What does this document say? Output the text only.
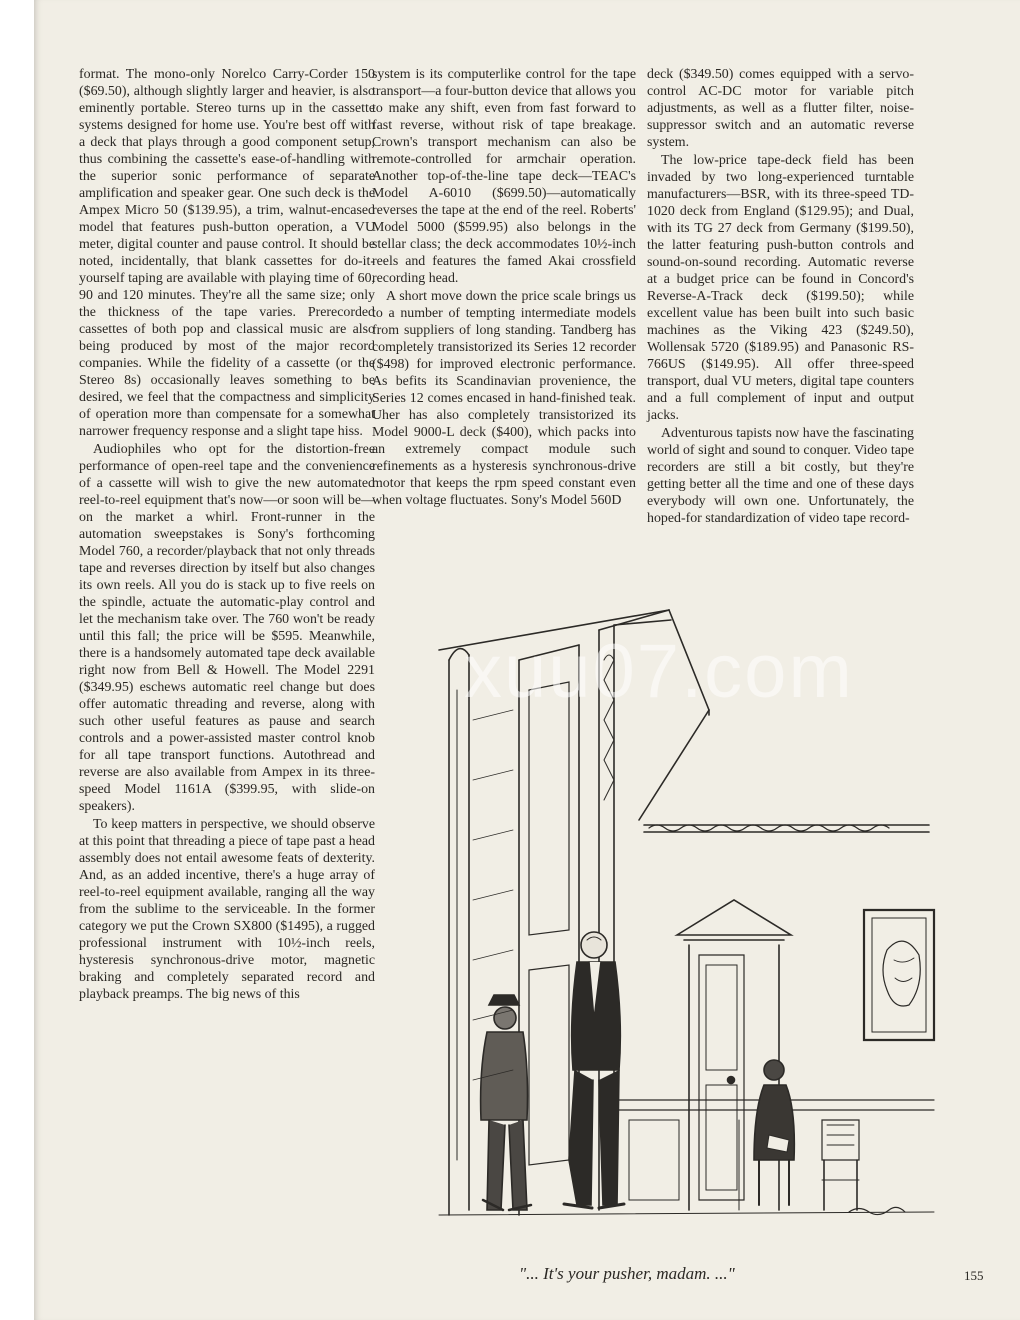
format. The mono-only Norelco Carry-Corder 150 ($69.50), although slightly larger and heavier, is also eminently portable. Stereo turns up in the cassette systems designed for home use. You're best off with a deck that plays through a good component setup, thus combining the cassette's ease-of-handling with the superior sonic performance of separate amplification and speaker gear. One such deck is the Ampex Micro 50 ($139.95), a trim, walnut-encased model that features push-button operation, a VU meter, digital counter and pause control. It should be noted, incidentally, that blank cassettes for do-it-yourself taping are available with playing time of 60, 90 and 120 minutes. They're all the same size; only the thickness of the tape varies. Prerecorded cassettes of both pop and classical music are also being produced by most of the major record companies. While the fidelity of a cassette (or the Stereo 8s) occasionally leaves something to be desired, we feel that the compactness and simplicity of operation more than compensate for a somewhat narrower frequency response and a slight tape hiss.

Audiophiles who opt for the distortion-free performance of open-reel tape and the convenience of a cassette will wish to give the new automated reel-to-reel equipment that's now—or soon will be—on the market a whirl. Front-runner in the automation sweepstakes is Sony's forthcoming Model 760, a recorder/playback that not only threads tape and reverses direction by itself but also changes its own reels. All you do is stack up to five reels on the spindle, actuate the automatic-play control and let the mechanism take over. The 760 won't be ready until this fall; the price will be $595. Meanwhile, there is a handsomely automated tape deck available right now from Bell & Howell. The Model 2291 ($349.95) eschews automatic reel change but does offer automatic threading and reverse, along with such other useful features as pause and search controls and a power-assisted master control knob for all tape transport functions. Autothread and reverse are also available from Ampex in its three-speed Model 1161A ($399.95, with slide-on speakers).

To keep matters in perspective, we should observe at this point that threading a piece of tape past a head assembly does not entail awesome feats of dexterity. And, as an added incentive, there's a huge array of reel-to-reel equipment available, ranging all the way from the sublime to the serviceable. In the former category we put the Crown SX800 ($1495), a rugged professional instrument with 10½-inch reels, hysteresis synchronous-drive motor, magnetic braking and completely separated record and playback preamps. The big news of this

system is its computerlike control for the tape transport—a four-button device that allows you to make any shift, even from fast forward to fast reverse, without risk of tape breakage. Crown's transport mechanism can also be remote-controlled for armchair operation. Another top-of-the-line tape deck—TEAC's Model A-6010 ($699.50)—automatically reverses the tape at the end of the reel. Roberts' Model 5000 ($599.95) also belongs in the stellar class; the deck accommodates 10½-inch reels and features the famed Akai crossfield recording head.

A short move down the price scale brings us to a number of tempting intermediate models from suppliers of long standing. Tandberg has completely transistorized its Series 12 recorder ($498) for improved electronic performance. As befits its Scandinavian provenience, the Series 12 comes encased in hand-finished teak. Uher has also completely transistorized its Model 9000-L deck ($400), which packs into an extremely compact module such refinements as a hysteresis synchronous-drive motor that keeps the rpm speed constant even when voltage fluctuates. Sony's Model 560D

deck ($349.50) comes equipped with a servo-control AC-DC motor for variable pitch adjustments, as well as a flutter filter, noise-suppressor switch and an automatic reverse system.

The low-price tape-deck field has been invaded by two long-experienced turntable manufacturers—BSR, with its three-speed TD-1020 deck from England ($129.95); and Dual, with its TG 27 deck from Germany ($199.50), the latter featuring push-button controls and sound-on-sound recording. Automatic reverse at a budget price can be found in Concord's Reverse-A-Track deck ($199.50); while excellent value has been built into such basic machines as the Viking 423 ($249.50), Wollensak 5720 ($189.95) and Panasonic RS-766US ($149.95). All offer three-speed transport, dual VU meters, digital tape counters and a full complement of input and output jacks.

Adventurous tapists now have the fascinating world of sight and sound to conquer. Video tape recorders are still a bit costly, but they're getting better all the time and one of these days everybody will own one. Unfortunately, the hoped-for standardization of video tape record-

xuu07.com
"... It's your pusher, madam. ..."	155
